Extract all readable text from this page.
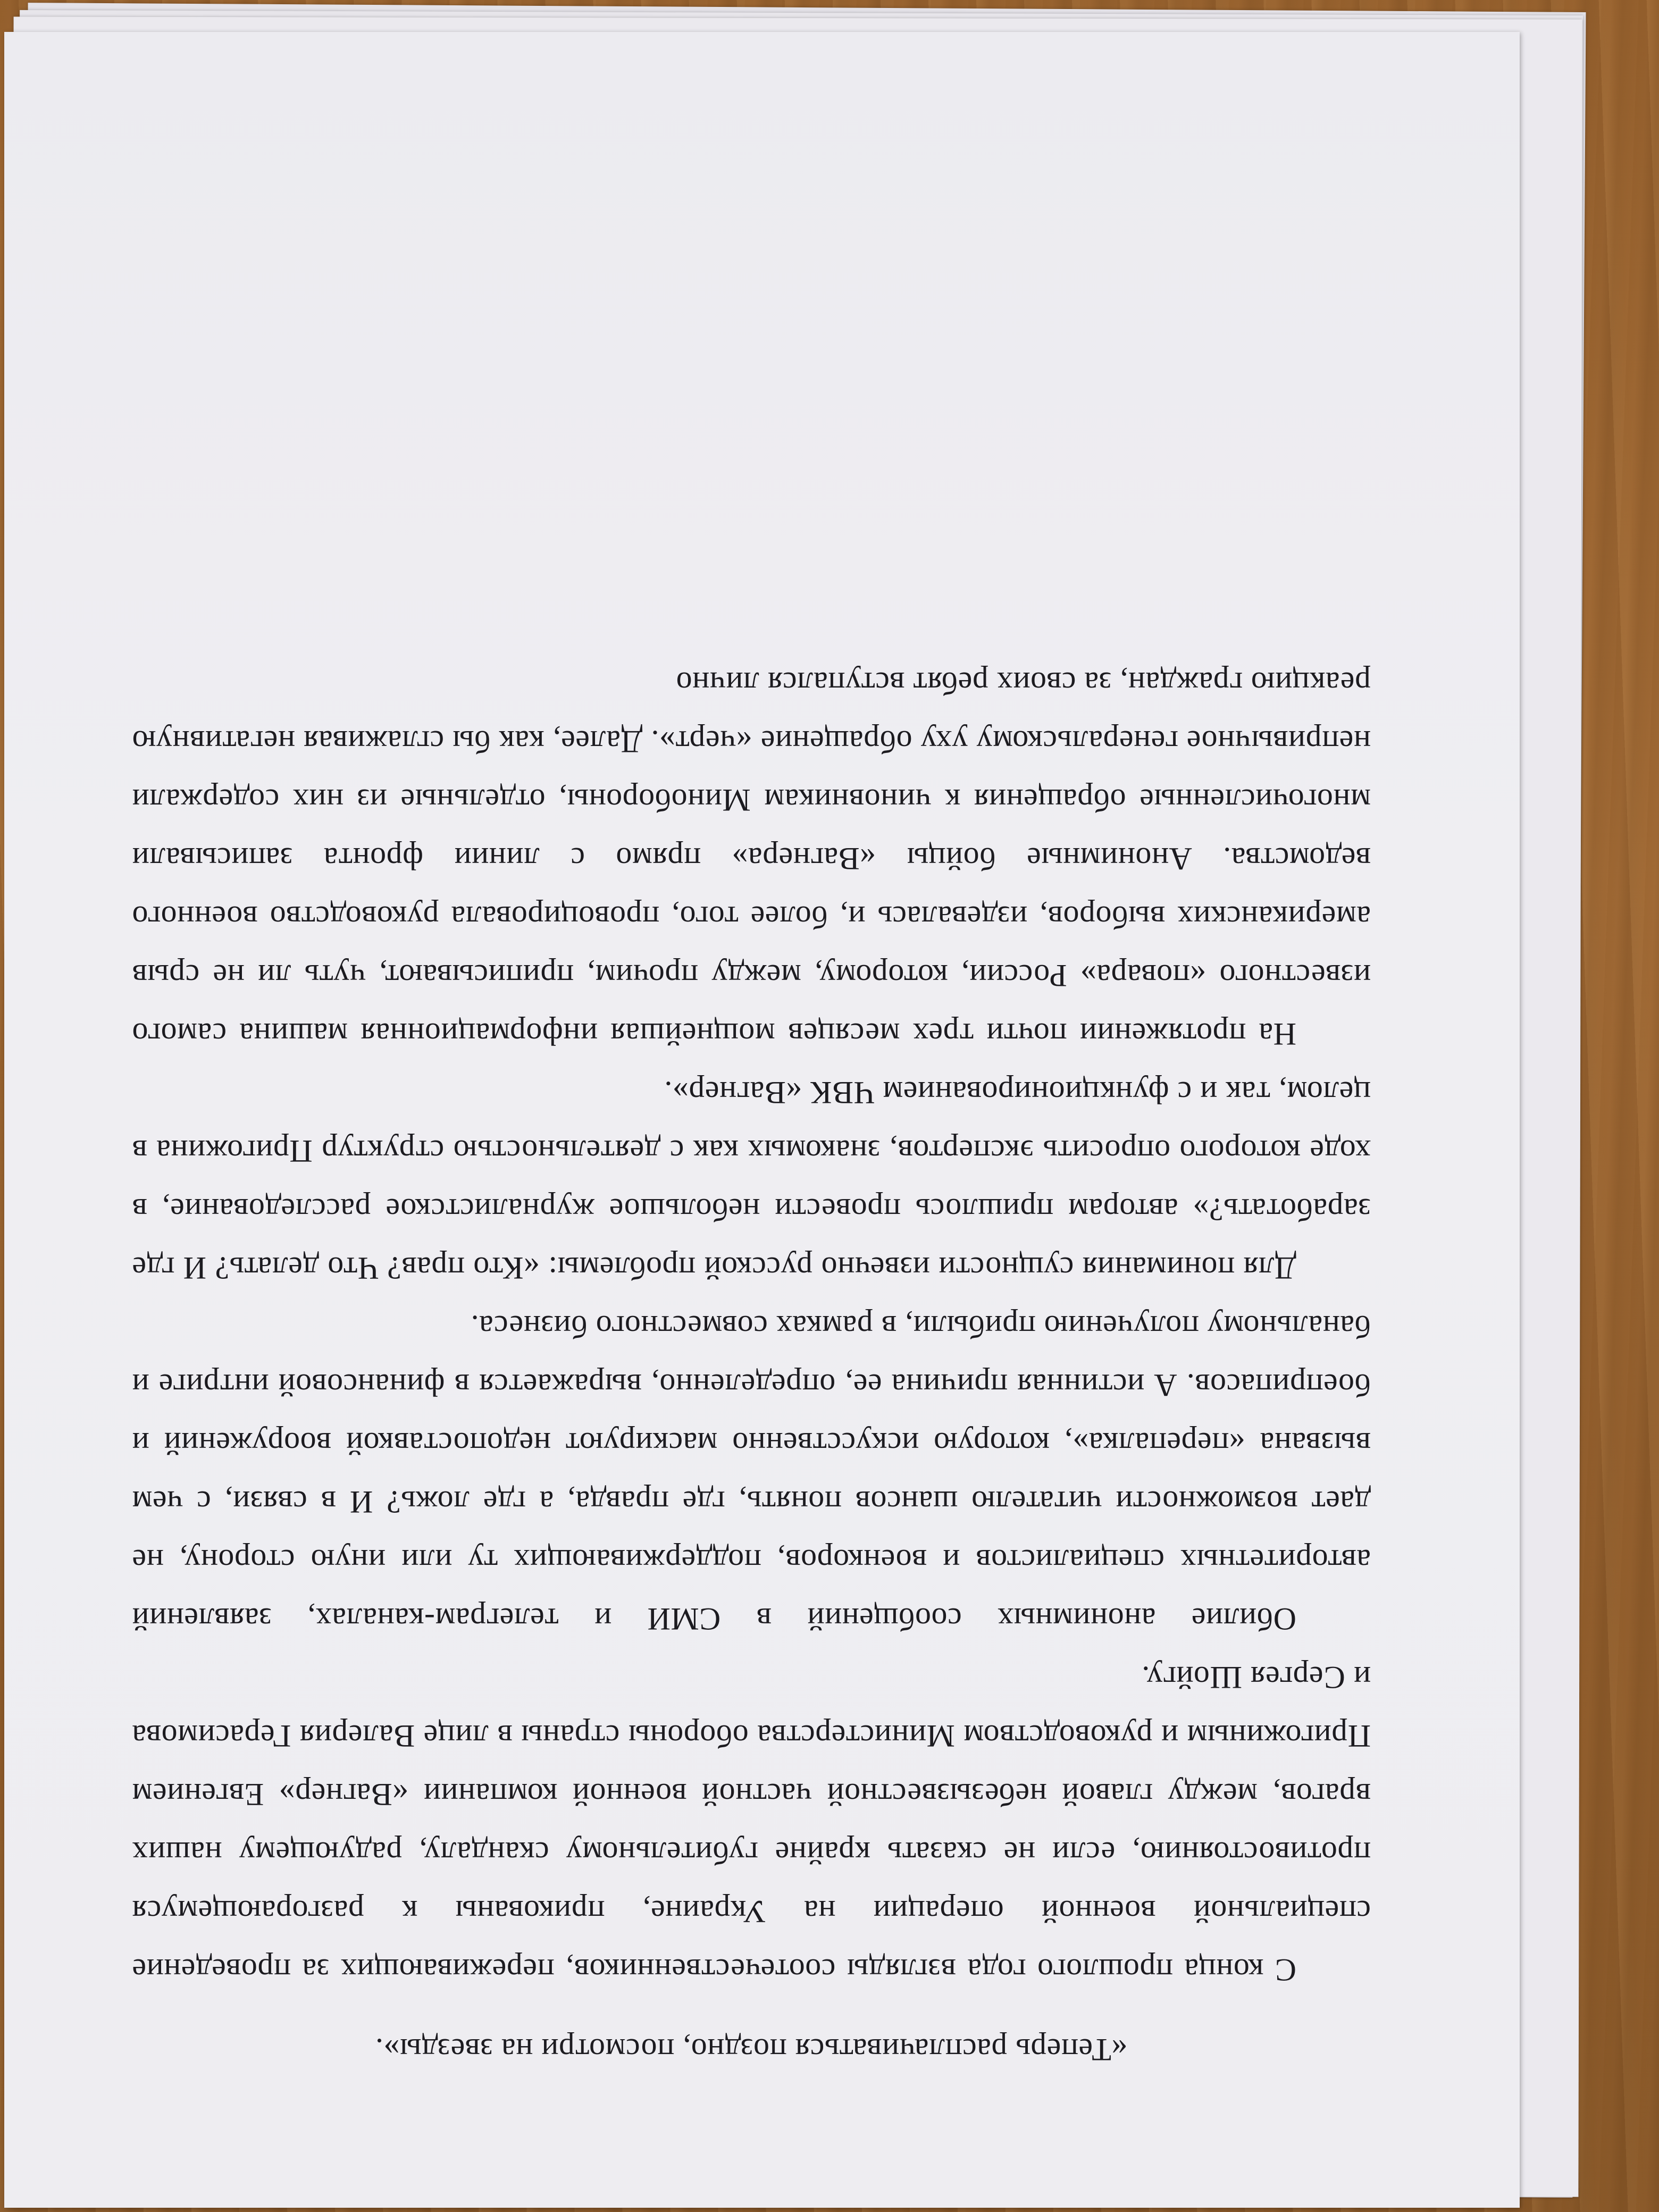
«Теперь расплачиваться поздно, посмотри на звезды».

С конца прошлого года взгляды соотечественников, переживающих за проведение специальной военной операции на Украине, прикованы к разгорающемуся противостоянию, если не сказать крайне губительному скандалу, радующему наших врагов, между главой небезызвестной частной военной компании «Вагнер» Евгением Пригожиным и руководством Министерства обороны страны в лице Валерия Герасимова и Сергея Шойгу.

Обилие анонимных сообщений в СМИ и телеграм-каналах, заявлений авторитетных специалистов и военкоров, поддерживающих ту или иную сторону, не дает возможности читателю шансов понять, где правда, а где ложь? И в связи, с чем вызвана «перепалка», которую искусственно маскируют недопоставкой вооружений и боеприпасов. А истинная причина ее, определенно, выражается в финансовой интриге и банальному получению прибыли, в рамках совместного бизнеса.

Для понимания сущности извечно русской проблемы: «Кто прав? Что делать? И где заработать?» авторам пришлось провести небольшое журналистское расследование, в ходе которого опросить экспертов, знакомых как с деятельностью структур Пригожина в целом, так и с функционированием ЧВК «Вагнер».

На протяжении почти трех месяцев мощнейшая информационная машина самого известного «повара» России, которому, между прочим, приписывают, чуть ли не срыв американских выборов, издевалась и, более того, провоцировала руководство военного ведомства. Анонимные бойцы «Вагнера» прямо с линии фронта записывали многочисленные обращения к чиновникам Минобороны, отдельные из них содержали непривычное генеральскому уху обращение «черт». Далее, как бы сглаживая негативную реакцию граждан, за своих ребят вступался лично
